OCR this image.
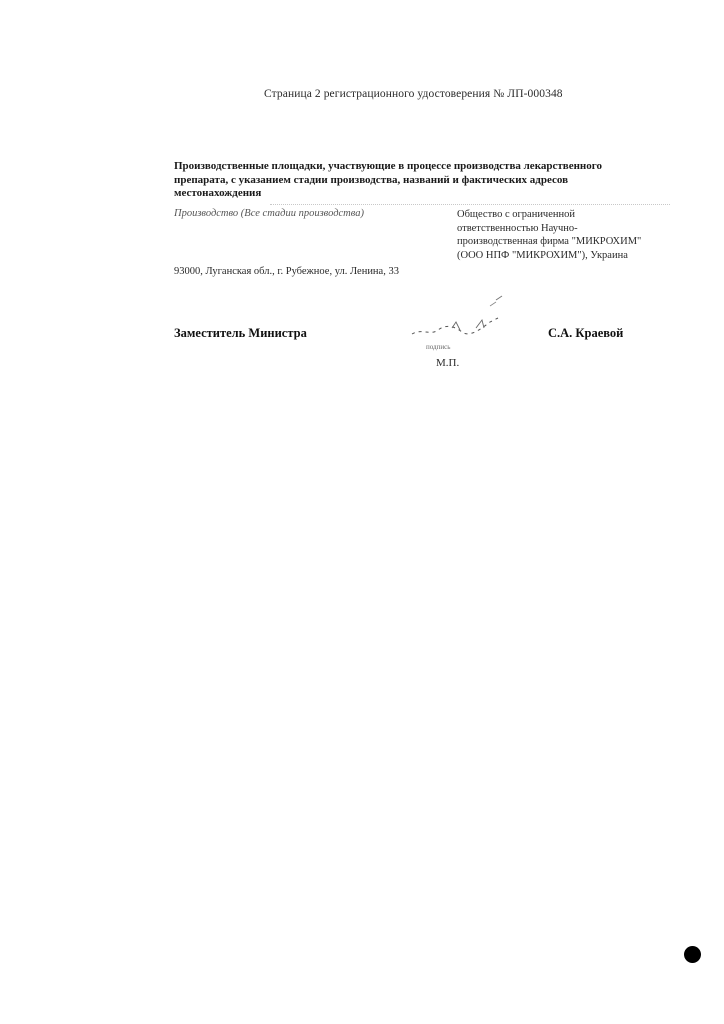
Страница 2 регистрационного удостоверения № ЛП-000348
Производственные площадки, участвующие в процессе производства лекарственного
препарата, с указанием стадии производства, названий и фактических адресов
местонахождения
Производство (Все стадии производства)	Общество с ограниченной
ответственностью Научно-
производственная фирма "МИКРОХИМ"
(ООО НПФ "МИКРОХИМ"), Украина
93000, Луганская обл., г. Рубежное, ул. Ленина, 33
Заместитель Министра
подпись
М.П.
С.А. Краевой
